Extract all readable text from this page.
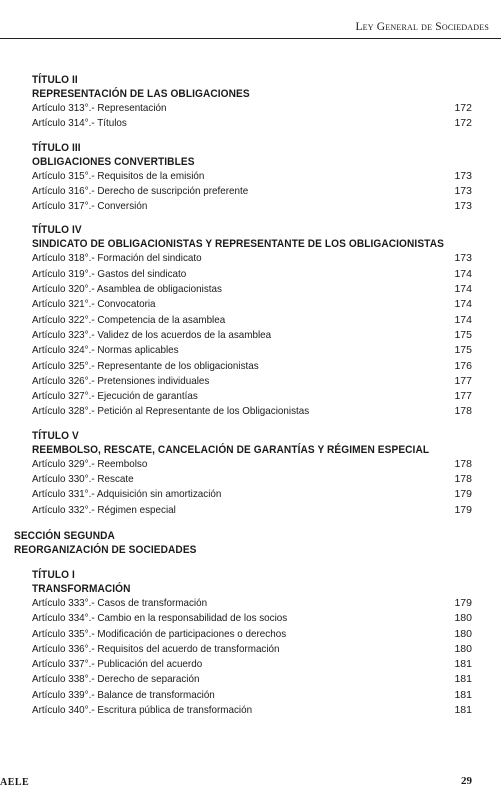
Ley General de Sociedades
TÍTULO II
REPRESENTACIÓN DE LAS OBLIGACIONES
Artículo 313°.- Representación	172
Artículo 314°.- Títulos	172
TÍTULO III
OBLIGACIONES CONVERTIBLES
Artículo 315°.- Requisitos de la emisión	173
Artículo 316°.- Derecho de suscripción preferente	173
Artículo 317°.- Conversión	173
TÍTULO IV
SINDICATO DE OBLIGACIONISTAS Y REPRESENTANTE DE LOS OBLIGACIONISTAS
Artículo 318°.- Formación del sindicato	173
Artículo 319°.- Gastos del sindicato	174
Artículo 320°.- Asamblea de obligacionistas	174
Artículo 321°.- Convocatoria	174
Artículo 322°.- Competencia de la asamblea	174
Artículo 323°.- Validez de los acuerdos de la asamblea	175
Artículo 324°.- Normas aplicables	175
Artículo 325°.- Representante de los obligacionistas	176
Artículo 326°.- Pretensiones individuales	177
Artículo 327°.- Ejecución de garantías	177
Artículo 328°.- Petición al Representante de los Obligacionistas	178
TÍTULO V
REEMBOLSO, RESCATE, CANCELACIÓN DE GARANTÍAS Y RÉGIMEN ESPECIAL
Artículo 329°.- Reembolso	178
Artículo 330°.- Rescate	178
Artículo 331°.- Adquisición sin amortización	179
Artículo 332°.- Régimen especial	179
SECCIÓN SEGUNDA
REORGANIZACIÓN DE SOCIEDADES
TÍTULO I
TRANSFORMACIÓN
Artículo 333°.- Casos de transformación	179
Artículo 334°.- Cambio en la responsabilidad de los socios	180
Artículo 335°.- Modificación de participaciones o derechos	180
Artículo 336°.- Requisitos del acuerdo de transformación	180
Artículo 337°.- Publicación del acuerdo	181
Artículo 338°.- Derecho de separación	181
Artículo 339°.- Balance de transformación	181
Artículo 340°.- Escritura pública de transformación	181
AELE	29
